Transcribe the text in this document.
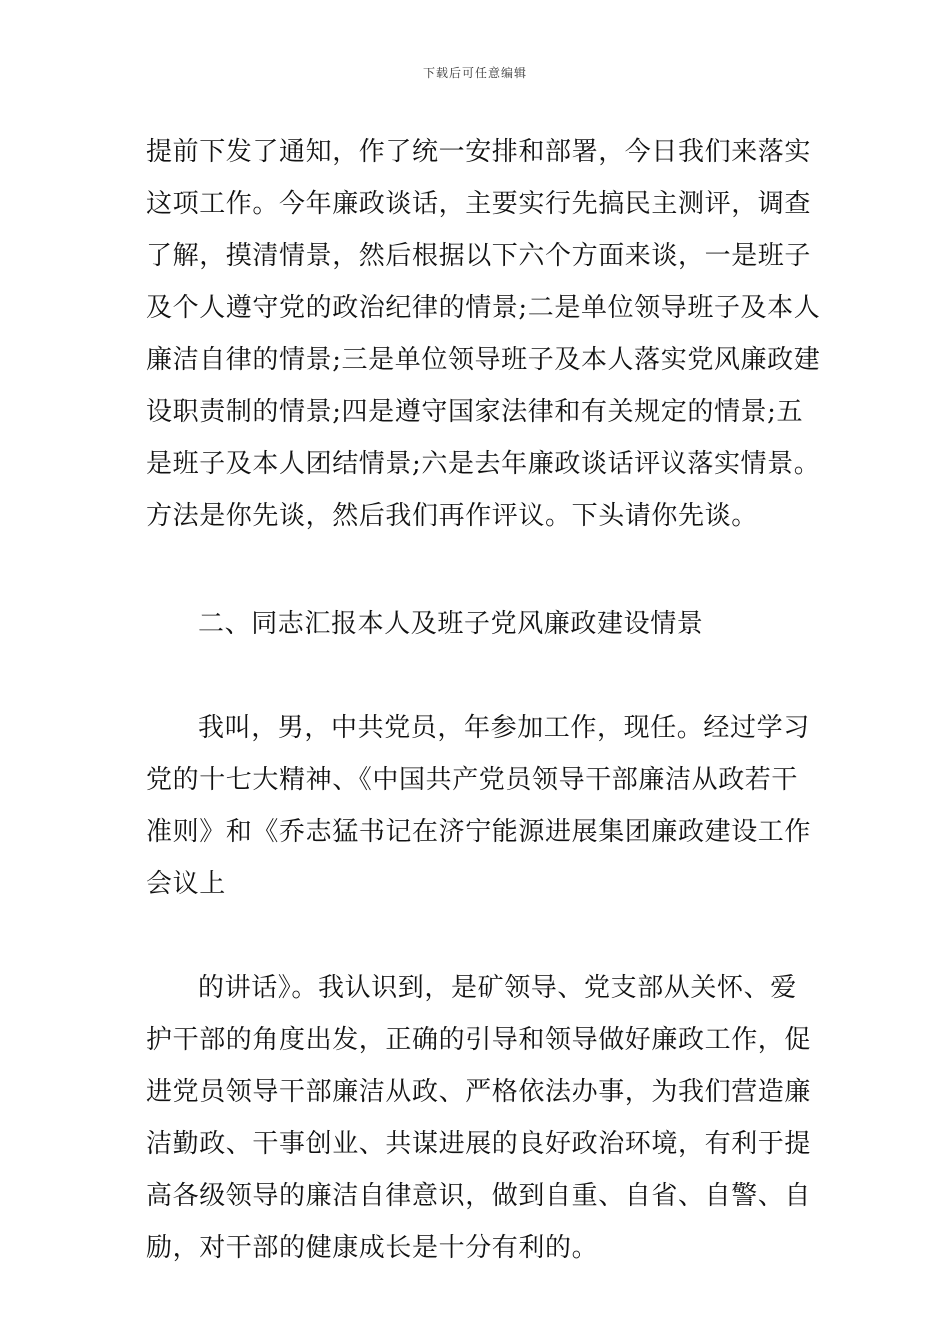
下载后可任意编辑
提前下发了通知，作了统一安排和部署，今日我们来落实
这项工作。今年廉政谈话，主要实行先搞民主测评，调查
了解，摸清情景，然后根据以下六个方面来谈，一是班子
及个人遵守党的政治纪律的情景;二是单位领导班子及本人
廉洁自律的情景;三是单位领导班子及本人落实党风廉政建
设职责制的情景;四是遵守国家法律和有关规定的情景;五
是班子及本人团结情景;六是去年廉政谈话评议落实情景。
方法是你先谈，然后我们再作评议。下头请你先谈。
二、同志汇报本人及班子党风廉政建设情景
我叫，男，中共党员，年参加工作，现任。经过学习
党的十七大精神、《中国共产党员领导干部廉洁从政若干
准则》和《乔志猛书记在济宁能源进展集团廉政建设工作
会议上
的讲话》。我认识到，是矿领导、党支部从关怀、爱
护干部的角度出发，正确的引导和领导做好廉政工作，促
进党员领导干部廉洁从政、严格依法办事，为我们营造廉
洁勤政、干事创业、共谋进展的良好政治环境，有利于提
高各级领导的廉洁自律意识，做到自重、自省、自警、自
励，对干部的健康成长是十分有利的。
